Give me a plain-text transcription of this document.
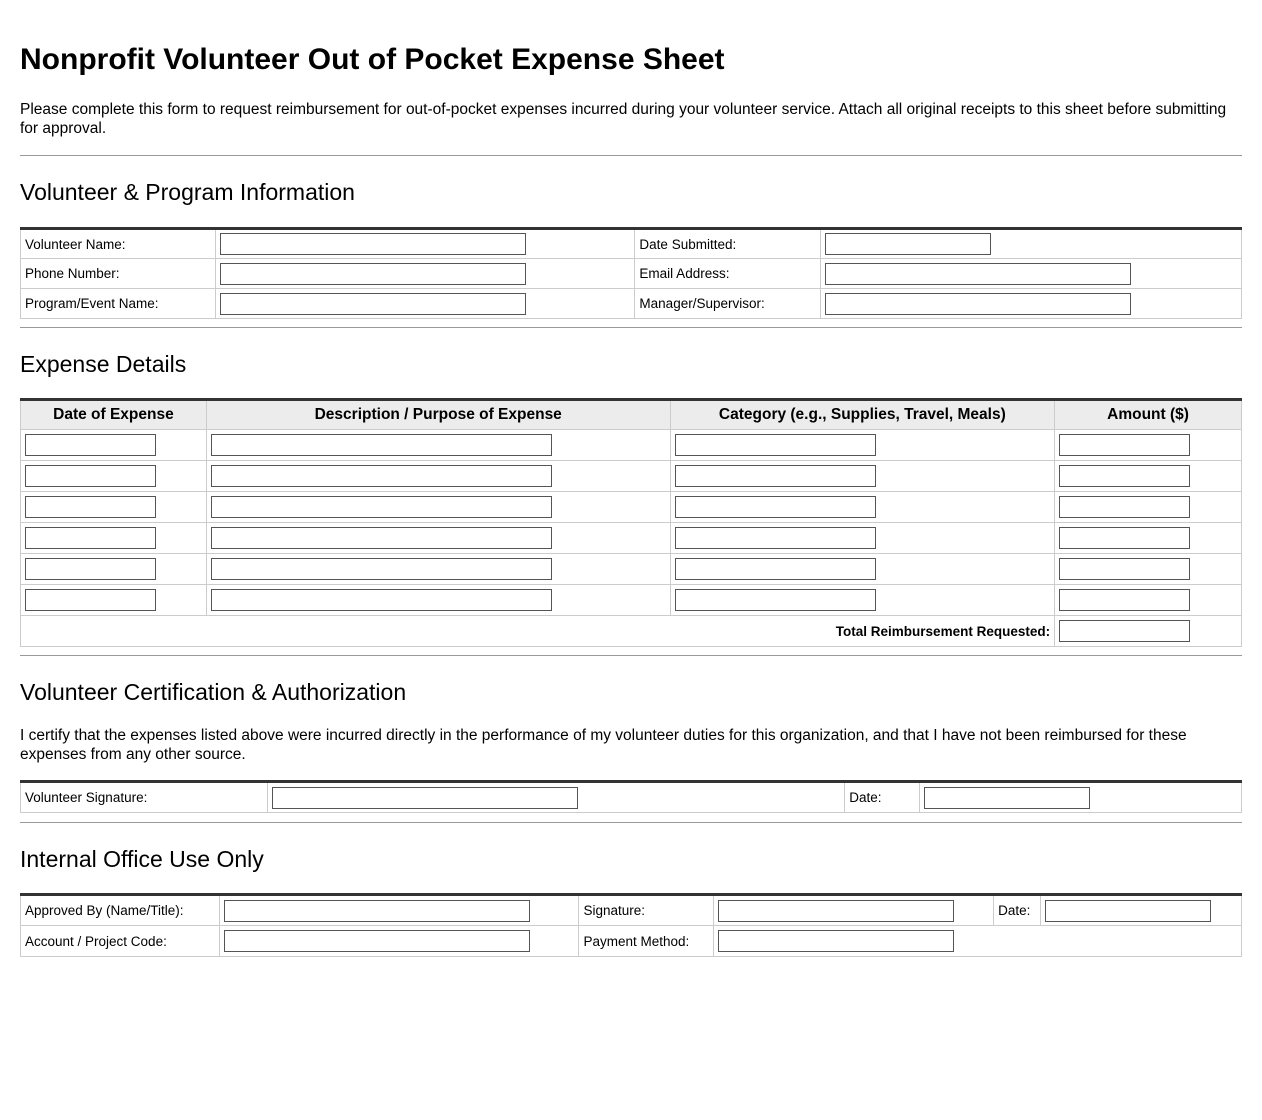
Nonprofit Volunteer Out of Pocket Expense Sheet

Please complete this form to request reimbursement for out-of-pocket expenses incurred during your volunteer service. Attach all original receipts to this sheet before submitting for approval.

Volunteer & Program Information
Volunteer Name:		Date Submitted:	

Phone Number:		Email Address:	

Program/Event Name:		Manager/Supervisor:	
Expense Details
Date of Expense	Description / Purpose of Expense	Category (e.g., Supplies, Travel, Meals)	Amount ($)

Total Reimbursement Requested:	
Volunteer Certification & Authorization

I certify that the expenses listed above were incurred directly in the performance of my volunteer duties for this organization, and that I have not been reimbursed for these expenses from any other source.

Volunteer Signature:		Date:	
Internal Office Use Only
Approved By (Name/Title):		Signature:		Date:	

Account / Project Code:		Payment Method:	
